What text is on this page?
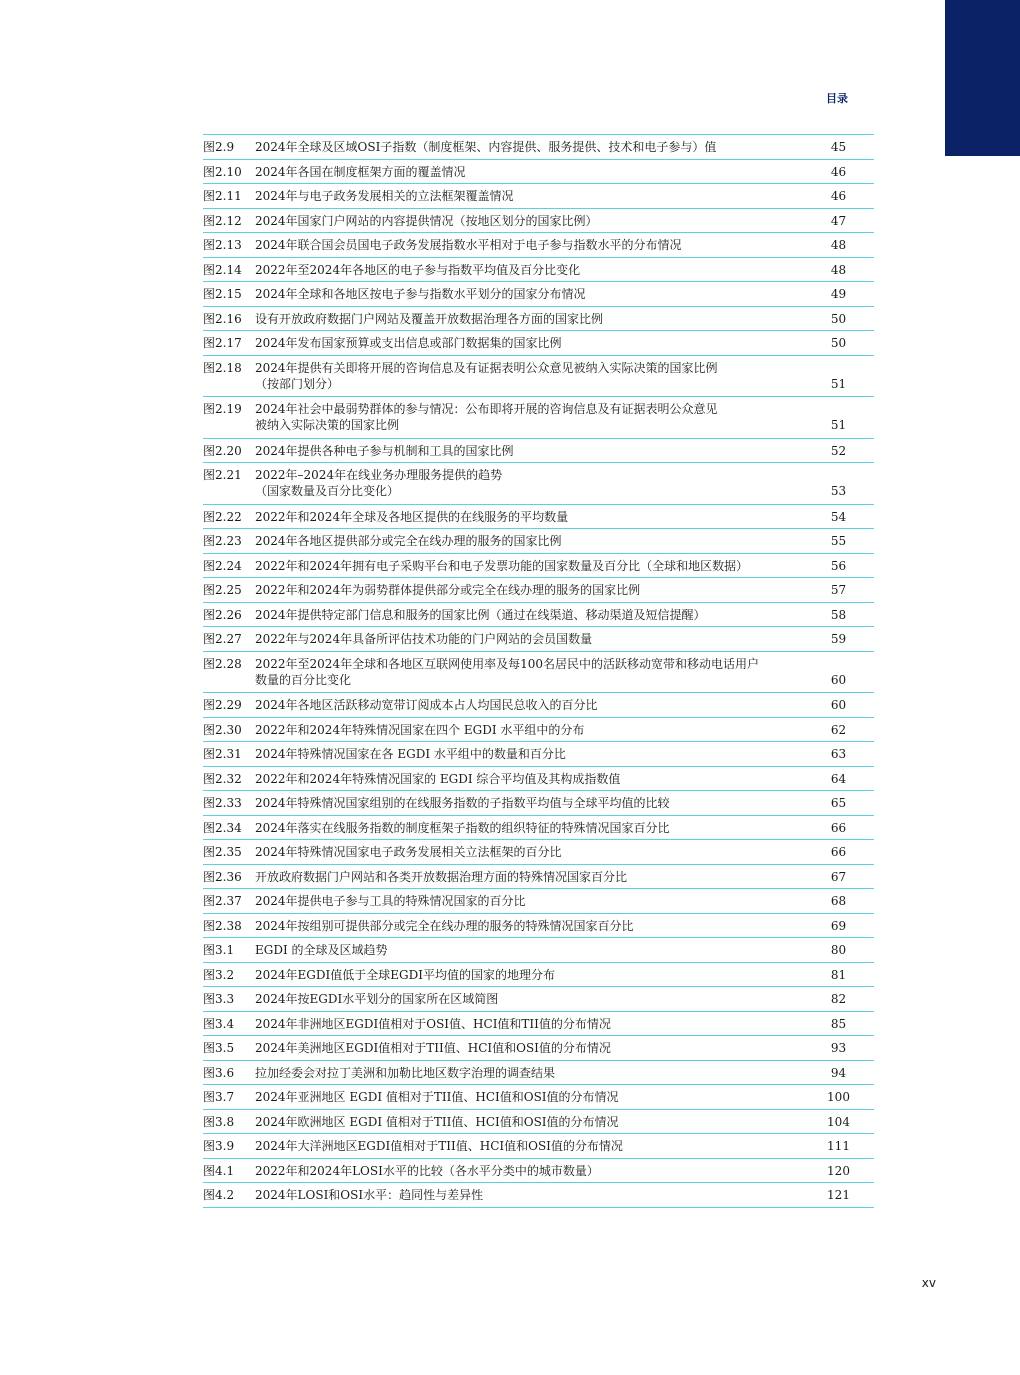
目录
图2.9	2024年全球及区域OSI子指数（制度框架、内容提供、服务提供、技术和电子参与）值	45
图2.10	2024年各国在制度框架方面的覆盖情况	46
图2.11	2024年与电子政务发展相关的立法框架覆盖情况	46
图2.12	2024年国家门户网站的内容提供情况（按地区划分的国家比例）	47
图2.13	2024年联合国会员国电子政务发展指数水平相对于电子参与指数水平的分布情况	48
图2.14	2022年至2024年各地区的电子参与指数平均值及百分比变化	48
图2.15	2024年全球和各地区按电子参与指数水平划分的国家分布情况	49
图2.16	设有开放政府数据门户网站及覆盖开放数据治理各方面的国家比例	50
图2.17	2024年发布国家预算或支出信息或部门数据集的国家比例	50
图2.18	2024年提供有关即将开展的咨询信息及有证据表明公众意见被纳入实际决策的国家比例
（按部门划分）	51
图2.19	2024年社会中最弱势群体的参与情况：公布即将开展的咨询信息及有证据表明公众意见
被纳入实际决策的国家比例	51
图2.20	2024年提供各种电子参与机制和工具的国家比例	52
图2.21	2022年–2024年在线业务办理服务提供的趋势
（国家数量及百分比变化）	53
图2.22	2022年和2024年全球及各地区提供的在线服务的平均数量	54
图2.23	2024年各地区提供部分或完全在线办理的服务的国家比例	55
图2.24	2022年和2024年拥有电子采购平台和电子发票功能的国家数量及百分比（全球和地区数据）	56
图2.25	2022年和2024年为弱势群体提供部分或完全在线办理的服务的国家比例	57
图2.26	2024年提供特定部门信息和服务的国家比例（通过在线渠道、移动渠道及短信提醒）	58
图2.27	2022年与2024年具备所评估技术功能的门户网站的会员国数量	59
图2.28	2022年至2024年全球和各地区互联网使用率及每100名居民中的活跃移动宽带和移动电话用户
数量的百分比变化	60
图2.29	2024年各地区活跃移动宽带订阅成本占人均国民总收入的百分比	60
图2.30	2022年和2024年特殊情况国家在四个 EGDI 水平组中的分布	62
图2.31	2024年特殊情况国家在各 EGDI 水平组中的数量和百分比	63
图2.32	2022年和2024年特殊情况国家的 EGDI 综合平均值及其构成指数值	64
图2.33	2024年特殊情况国家组别的在线服务指数的子指数平均值与全球平均值的比较	65
图2.34	2024年落实在线服务指数的制度框架子指数的组织特征的特殊情况国家百分比	66
图2.35	2024年特殊情况国家电子政务发展相关立法框架的百分比	66
图2.36	开放政府数据门户网站和各类开放数据治理方面的特殊情况国家百分比	67
图2.37	2024年提供电子参与工具的特殊情况国家的百分比	68
图2.38	2024年按组别可提供部分或完全在线办理的服务的特殊情况国家百分比	69
图3.1	EGDI 的全球及区域趋势	80
图3.2	2024年EGDI值低于全球EGDI平均值的国家的地理分布	81
图3.3	2024年按EGDI水平划分的国家所在区域简图	82
图3.4	2024年非洲地区EGDI值相对于OSI值、HCI值和TII值的分布情况	85
图3.5	2024年美洲地区EGDI值相对于TII值、HCI值和OSI值的分布情况	93
图3.6	拉加经委会对拉丁美洲和加勒比地区数字治理的调查结果	94
图3.7	2024年亚洲地区 EGDI 值相对于TII值、HCI值和OSI值的分布情况	100
图3.8	2024年欧洲地区 EGDI 值相对于TII值、HCI值和OSI值的分布情况	104
图3.9	2024年大洋洲地区EGDI值相对于TII值、HCI值和OSI值的分布情况	111
图4.1	2022年和2024年LOSI水平的比较（各水平分类中的城市数量）	120
图4.2	2024年LOSI和OSI水平：趋同性与差异性	121
xv
